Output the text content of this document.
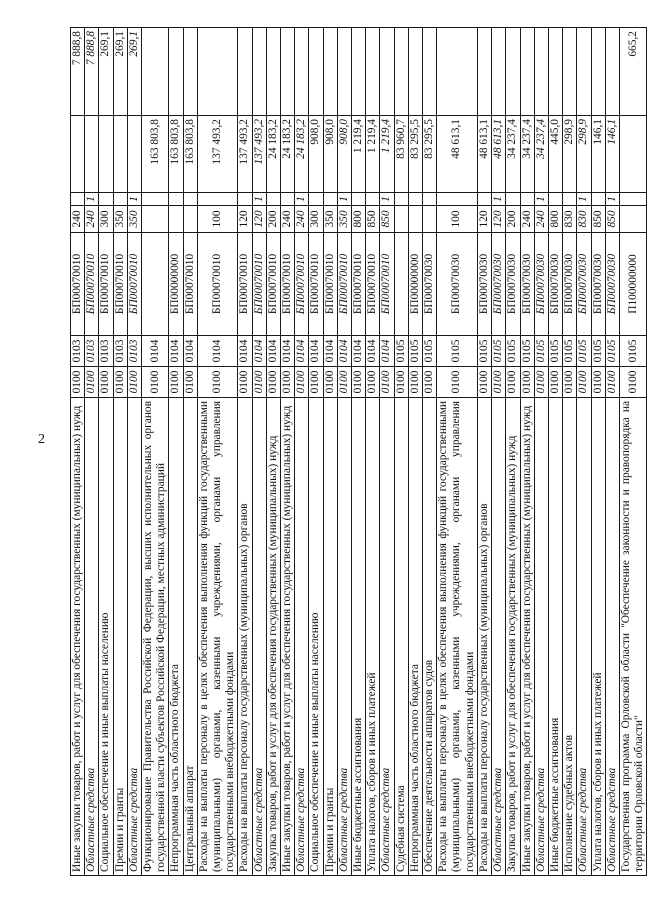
2 Иные закупки товаров, работ и услуг для обеспечения государственных (муниципальных) нужд	0100	0103	БП00070010	240			7 888,8
Областные средства	0100	0103	БП00070010	240	1		7 888,8
Социальное обеспечение и иные выплаты населению	0100	0103	БП00070010	300			269,1
Премии и гранты	0100	0103	БП00070010	350			269,1
Областные средства	0100	0103	БП00070010	350	1		269,1
Функционирование Правительства Российской Федерации, высших исполнительных органов государственной власти субъектов Российской Федерации, местных администраций	0100	0104				163 803,8	
Непрограммная часть областного бюджета	0100	0104	БП00000000			163 803,8	
Центральный аппарат	0100	0104	БП00070010			163 803,8	
Расходы на выплаты персоналу в целях обеспечения выполнения функций государственными (муниципальными) органами, казенными учреждениями, органами управления государственными внебюджетными фондами	0100	0104	БП00070010	100		137 493,2	
Расходы на выплаты персоналу государственных (муниципальных) органов	0100	0104	БП00070010	120		137 493,2	
Областные средства	0100	0104	БП00070010	120	1	137 493,2	
Закупка товаров, работ и услуг для обеспечения государственных (муниципальных) нужд	0100	0104	БП00070010	200		24 183,2	
Иные закупки товаров, работ и услуг для обеспечения государственных (муниципальных) нужд	0100	0104	БП00070010	240		24 183,2	
Областные средства	0100	0104	БП00070010	240	1	24 183,2	
Социальное обеспечение и иные выплаты населению	0100	0104	БП00070010	300		908,0	
Премии и гранты	0100	0104	БП00070010	350		908,0	
Областные средства	0100	0104	БП00070010	350	1	908,0	
Иные бюджетные ассигнования	0100	0104	БП00070010	800		1 219,4	
Уплата налогов, сборов и иных платежей	0100	0104	БП00070010	850		1 219,4	
Областные средства	0100	0104	БП00070010	850	1	1 219,4	
Судебная система	0100	0105				83 960,7	
Непрограммная часть областного бюджета	0100	0105	БП00000000			83 295,5	
Обеспечение деятельности аппаратов судов	0100	0105	БП00070030			83 295,5	
Расходы на выплаты персоналу в целях обеспечения выполнения функций государственными (муниципальными) органами, казенными учреждениями, органами управления государственными внебюджетными фондами	0100	0105	БП00070030	100		48 613,1	
Расходы на выплаты персоналу государственных (муниципальных) органов	0100	0105	БП00070030	120		48 613,1	
Областные средства	0100	0105	БП00070030	120	1	48 613,1	
Закупка товаров, работ и услуг для обеспечения государственных (муниципальных) нужд	0100	0105	БП00070030	200		34 237,4	
Иные закупки товаров, работ и услуг для обеспечения государственных (муниципальных) нужд	0100	0105	БП00070030	240		34 237,4	
Областные средства	0100	0105	БП00070030	240	1	34 237,4	
Иные бюджетные ассигнования	0100	0105	БП00070030	800		445,0	
Исполнение судебных актов	0100	0105	БП00070030	830		298,9	
Областные средства	0100	0105	БП00070030	830	1	298,9	
Уплата налогов, сборов и иных платежей	0100	0105	БП00070030	850		146,1	
Областные средства	0100	0105	БП00070030	850	1	146,1	
Государственная программа Орловской области "Обеспечение законности и правопорядка на территории Орловской области"	0100	0105	П100000000				665,2
